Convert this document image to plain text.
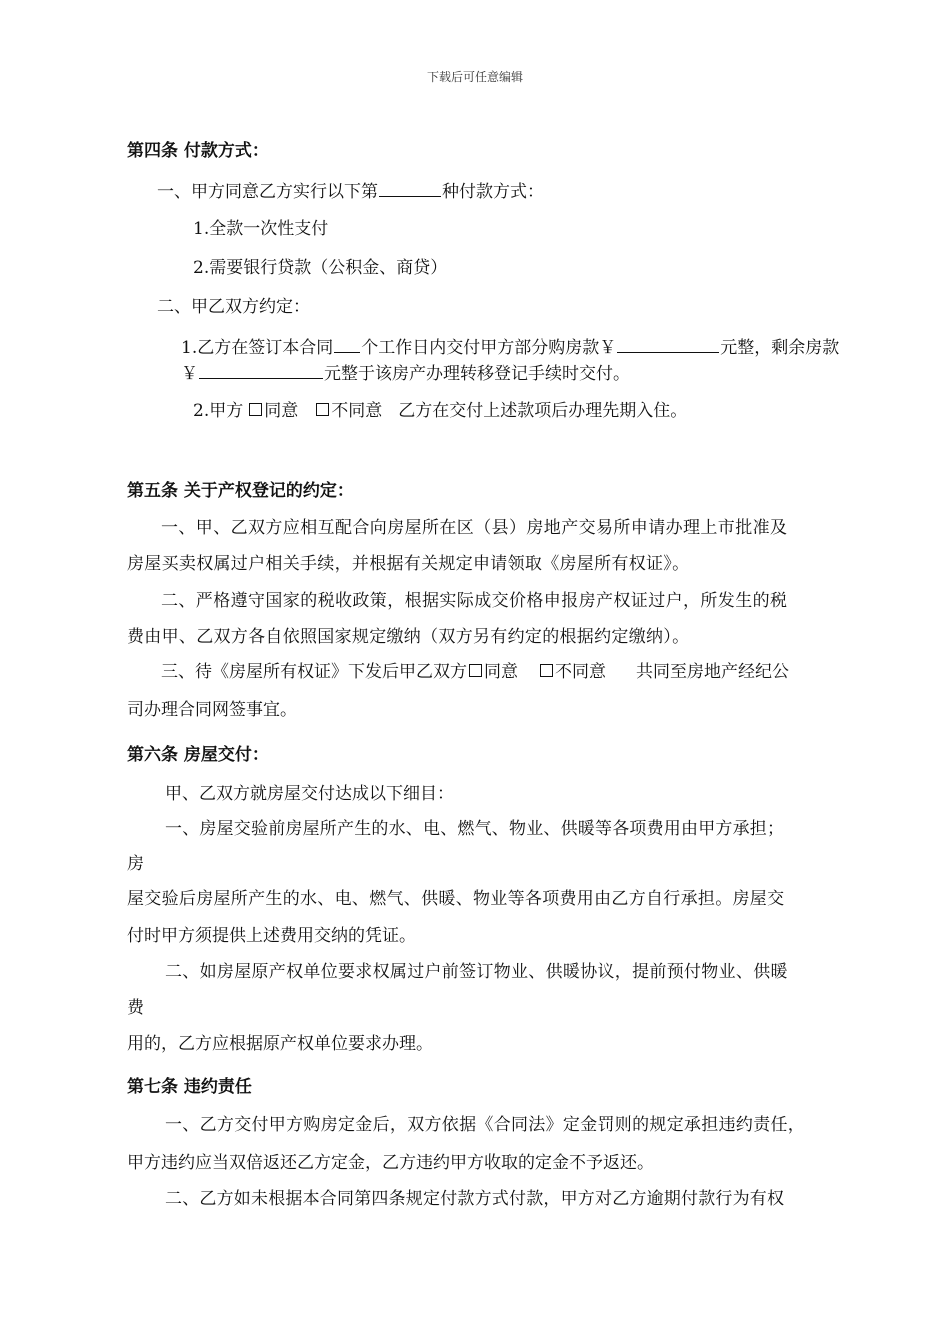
下载后可任意编辑
第四条 付款方式：
一、甲方同意乙方实行以下第	种付款方式：
1.全款一次性支付
2.需要银行贷款（公积金、商贷）
二、甲乙双方约定：
1.乙方在签订本合同 个工作日内交付甲方部分购房款￥	元整，剩余房款
￥	元整于该房产办理转移登记手续时交付。
2.甲方 同意 不同意 乙方在交付上述款项后办理先期入住。
第五条 关于产权登记的约定：
一、甲、乙双方应相互配合向房屋所在区（县）房地产交易所申请办理上市批准及
房屋买卖权属过户相关手续，并根据有关规定申请领取《房屋所有权证》。
二、严格遵守国家的税收政策，根据实际成交价格申报房产权证过户，所发生的税
费由甲、乙双方各自依照国家规定缴纳（双方另有约定的根据约定缴纳）。
三、待《房屋所有权证》下发后甲乙双方 同意 不同意 共同至房地产经纪公
司办理合同网签事宜。
第六条 房屋交付：
甲、乙双方就房屋交付达成以下细目：
一、房屋交验前房屋所产生的水、电、燃气、物业、供暖等各项费用由甲方承担；
房
屋交验后房屋所产生的水、电、燃气、供暖、物业等各项费用由乙方自行承担。房屋交
付时甲方须提供上述费用交纳的凭证。
二、如房屋原产权单位要求权属过户前签订物业、供暖协议，提前预付物业、供暖
费
用的，乙方应根据原产权单位要求办理。
第七条 违约责任
一、乙方交付甲方购房定金后，双方依据《合同法》定金罚则的规定承担违约责任，
甲方违约应当双倍返还乙方定金，乙方违约甲方收取的定金不予返还。
二、乙方如未根据本合同第四条规定付款方式付款，甲方对乙方逾期付款行为有权
